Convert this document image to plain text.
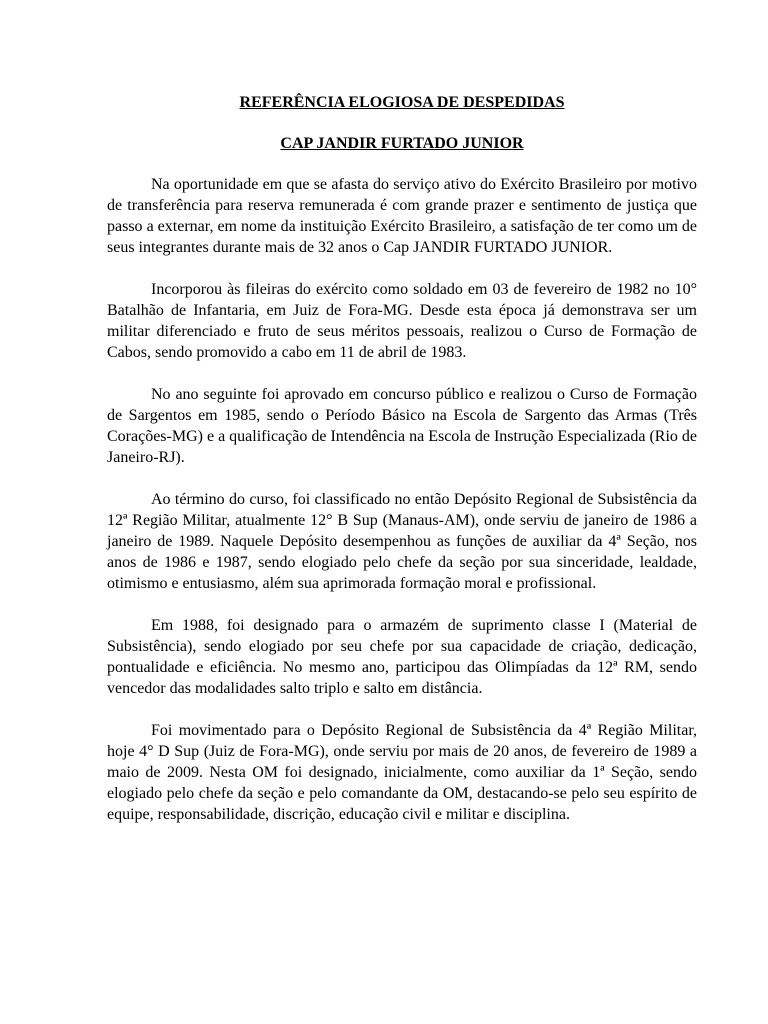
REFERÊNCIA ELOGIOSA DE DESPEDIDAS

CAP JANDIR FURTADO JUNIOR

Na oportunidade em que se afasta do serviço ativo do Exército Brasileiro por motivo de transferência para reserva remunerada é com grande prazer e sentimento de justiça que passo a externar, em nome da instituição Exército Brasileiro, a satisfação de ter como um de seus integrantes durante mais de 32 anos o Cap JANDIR FURTADO JUNIOR.

Incorporou às fileiras do exército como soldado em 03 de fevereiro de 1982 no 10° Batalhão de Infantaria, em Juiz de Fora-MG. Desde esta época já demonstrava ser um militar diferenciado e fruto de seus méritos pessoais, realizou o Curso de Formação de Cabos, sendo promovido a cabo em 11 de abril de 1983.

No ano seguinte foi aprovado em concurso público e realizou o Curso de Formação de Sargentos em 1985, sendo o Período Básico na Escola de Sargento das Armas (Três Corações-MG) e a qualificação de Intendência na Escola de Instrução Especializada (Rio de Janeiro-RJ).

Ao término do curso, foi classificado no então Depósito Regional de Subsistência da 12ª Região Militar, atualmente 12° B Sup (Manaus-AM), onde serviu de janeiro de 1986 a janeiro de 1989. Naquele Depósito desempenhou as funções de auxiliar da 4ª Seção, nos anos de 1986 e 1987, sendo elogiado pelo chefe da seção por sua sinceridade, lealdade, otimismo e entusiasmo, além sua aprimorada formação moral e profissional.

Em 1988, foi designado para o armazém de suprimento classe I (Material de Subsistência), sendo elogiado por seu chefe por sua capacidade de criação, dedicação, pontualidade e eficiência. No mesmo ano, participou das Olimpíadas da 12ª RM, sendo vencedor das modalidades salto triplo e salto em distância.

Foi movimentado para o Depósito Regional de Subsistência da 4ª Região Militar, hoje 4° D Sup (Juiz de Fora-MG), onde serviu por mais de 20 anos, de fevereiro de 1989 a maio de 2009. Nesta OM foi designado, inicialmente, como auxiliar da 1ª Seção, sendo elogiado pelo chefe da seção e pelo comandante da OM, destacando-se pelo seu espírito de equipe, responsabilidade, discrição, educação civil e militar e disciplina.
